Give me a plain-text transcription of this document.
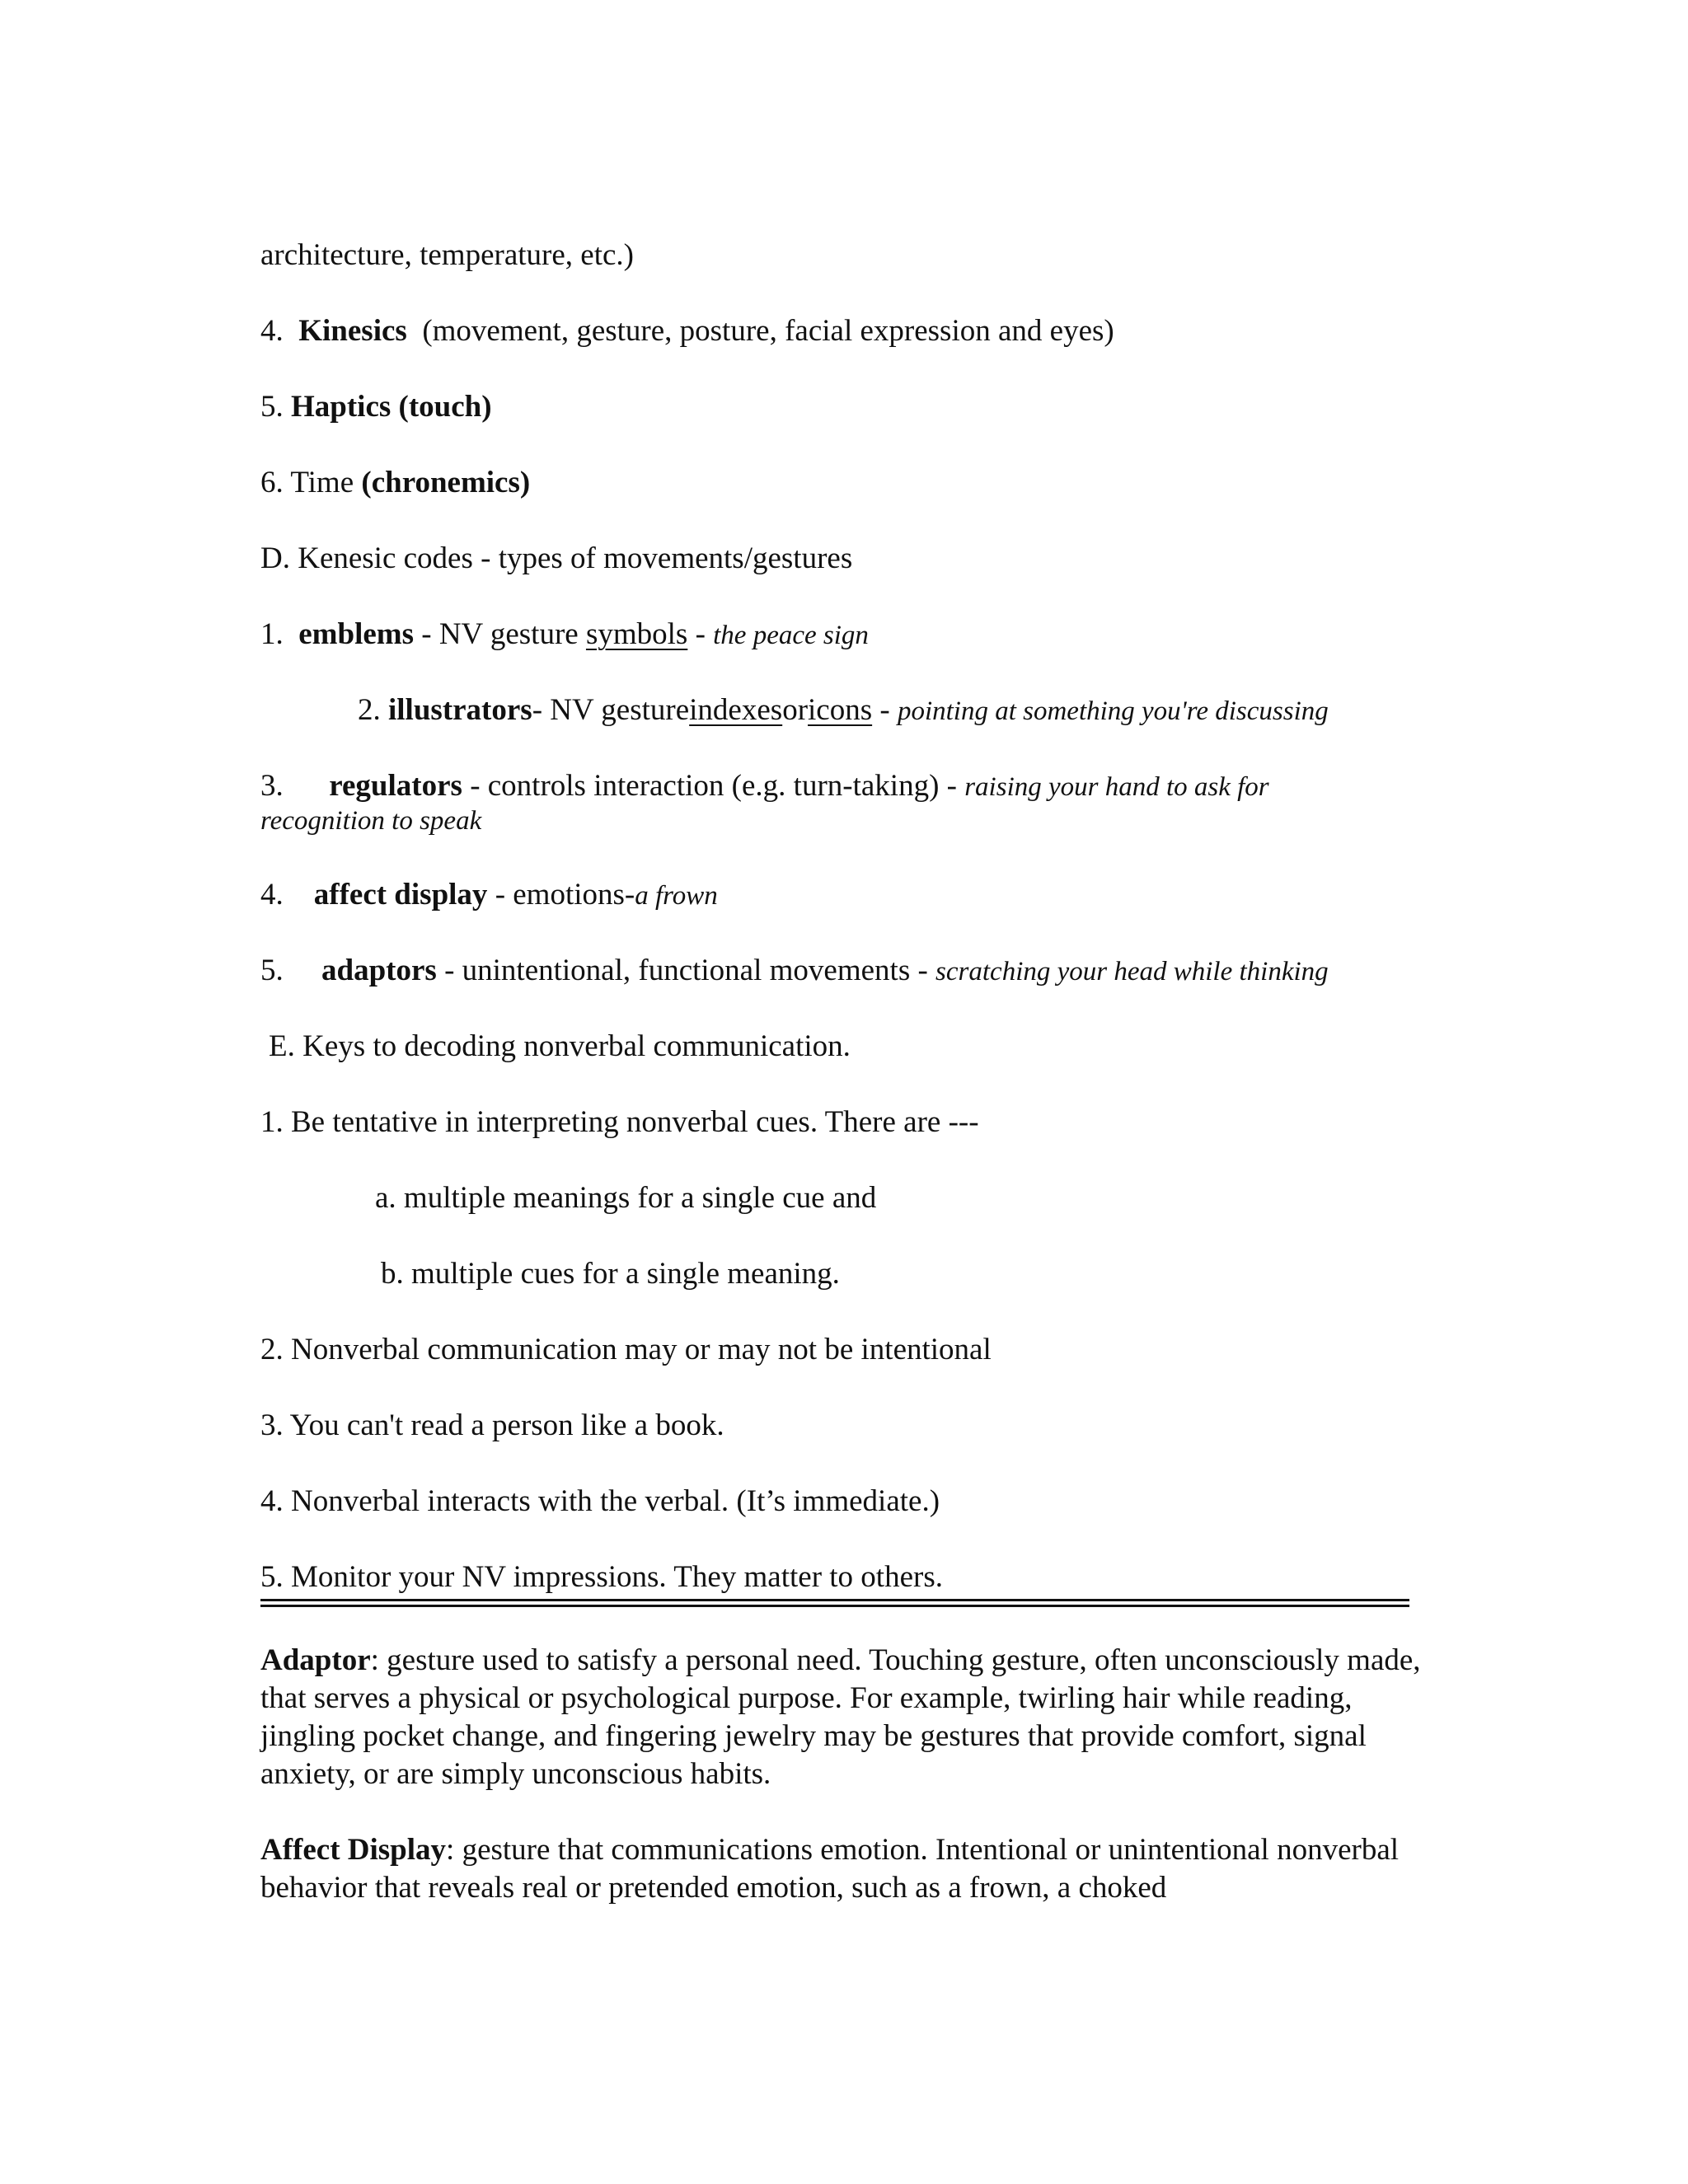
architecture, temperature, etc.)
4. Kinesics (movement, gesture, posture, facial expression and eyes)
5. Haptics (touch)
6. Time (chronemics)
D. Kenesic codes - types of movements/gestures
1. emblems - NV gesture symbols - the peace sign
2. illustrators- NV gestureindexesoricons - pointing at something you're discussing
3. regulators - controls interaction (e.g. turn-taking) - raising your hand to ask for
recognition to speak
4. affect display - emotions-a frown
5. adaptors - unintentional, functional movements - scratching your head while thinking
E. Keys to decoding nonverbal communication.
1. Be tentative in interpreting nonverbal cues. There are ---
a. multiple meanings for a single cue and
b. multiple cues for a single meaning.
2. Nonverbal communication may or may not be intentional
3. You can't read a person like a book.
4. Nonverbal interacts with the verbal. (It’s immediate.)
5. Monitor your NV impressions. They matter to others.
Adaptor: gesture used to satisfy a personal need. Touching gesture, often unconsciously made, that serves a physical or psychological purpose. For example, twirling hair while reading, jingling pocket change, and fingering jewelry may be gestures that provide comfort, signal anxiety, or are simply unconscious habits.
Affect Display: gesture that communications emotion. Intentional or unintentional nonverbal behavior that reveals real or pretended emotion, such as a frown, a choked
